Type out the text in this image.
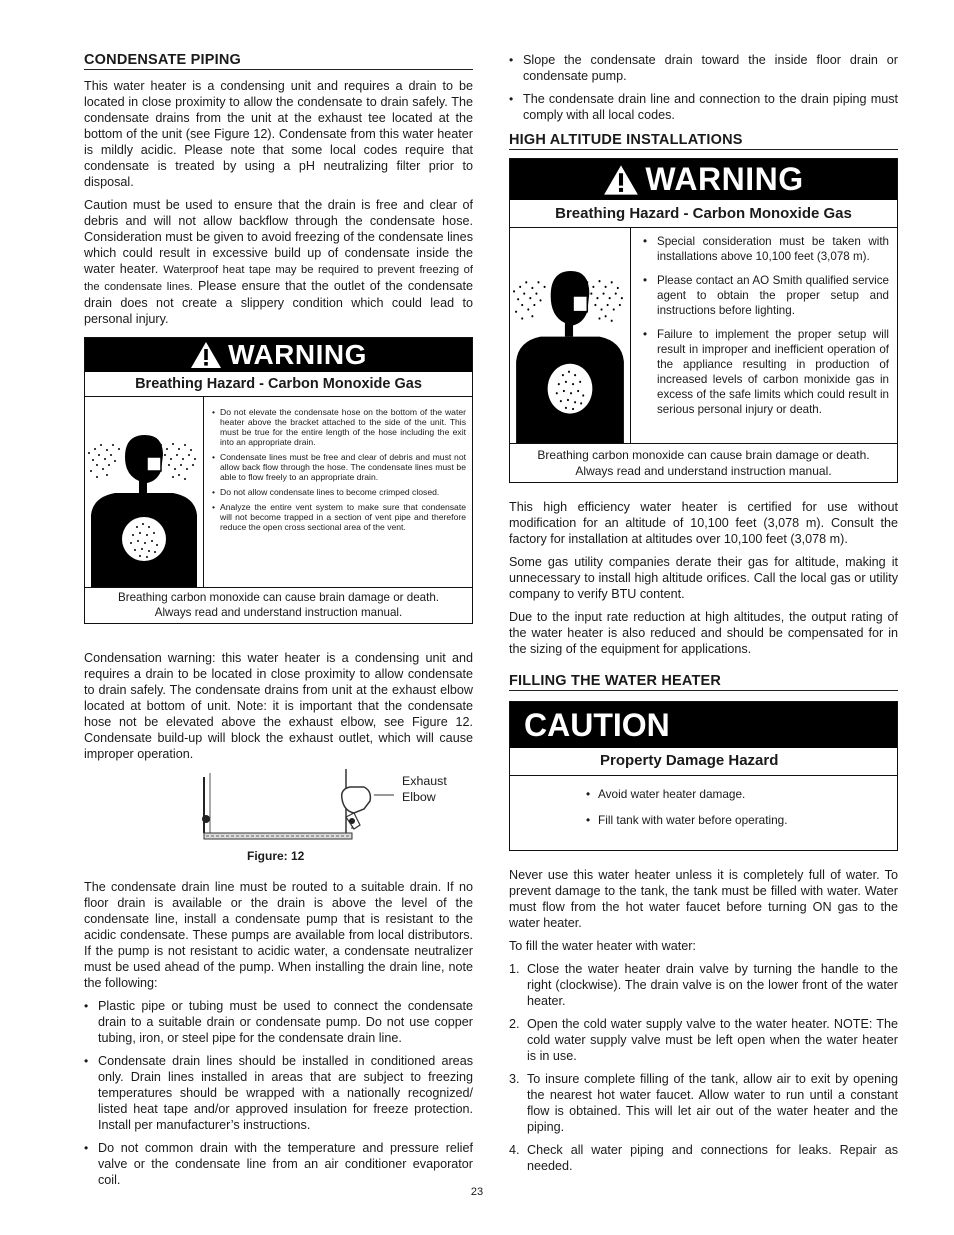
CONDENSATE PIPING

This water heater is a condensing unit and requires a drain to be located in close proximity to allow the condensate to drain safely. The condensate drains from the unit at the exhaust tee located at the bottom of the unit (see Figure 12). Condensate from this water heater is mildly acidic. Please note that some local codes require that condensate is treated by using a pH neutralizing filter prior to disposal.

Caution must be used to ensure that the drain is free and clear of debris and will not allow backflow through the condensate hose. Consideration must be given to avoid freezing of the condensate lines which could result in excessive build up of condensate inside the water heater. Waterproof heat tape may be required to prevent freezing of the condensate lines. Please ensure that the outlet of the condensate drain does not create a slippery condition which could lead to personal injury.

WARNING
Breathing Hazard - Carbon Monoxide Gas
• Do not elevate the condensate hose on the bottom of the water heater above the bracket attached to the side of the unit. This must be true for the entire length of the hose including the exit into an appropriate drain.
• Condensate lines must be free and clear of debris and must not allow back flow through the hose. The condensate lines must be able to flow freely to an appropriate drain.
• Do not allow condensate lines to become crimped closed.
• Analyze the entire vent system to make sure that condensate will not become trapped in a section of vent pipe and therefore reduce the open cross sectional area of the vent.
Breathing carbon monoxide can cause brain damage or death.
Always read and understand instruction manual.

Condensation warning: this water heater is a condensing unit and requires a drain to be located in close proximity to allow condensate to drain safely. The condensate drains from unit at the exhaust elbow located at bottom of unit. Note: it is important that the condensate hose not be elevated above the exhaust elbow, see Figure 12. Condensate build-up will block the exhaust outlet, which will cause improper operation.

Exhaust
Elbow
Figure: 12

The condensate drain line must be routed to a suitable drain. If no floor drain is available or the drain is above the level of the condensate line, install a condensate pump that is resistant to the acidic condensate. These pumps are available from local distributors. If the pump is not resistant to acidic water, a condensate neutralizer must be used ahead of the pump. When installing the drain line, note the following:

• Plastic pipe or tubing must be used to connect the condensate drain to a suitable drain or condensate pump. Do not use copper tubing, iron, or steel pipe for the condensate drain line.
• Condensate drain lines should be installed in conditioned areas only. Drain lines installed in areas that are subject to freezing temperatures should be wrapped with a nationally recognized/ listed heat tape and/or approved insulation for freeze protection. Install per manufacturer’s instructions.
• Do not common drain with the temperature and pressure relief valve or the condensate line from an air conditioner evaporator coil.
• Slope the condensate drain toward the inside floor drain or condensate pump.
• The condensate drain line and connection to the drain piping must comply with all local codes.
HIGH ALTITUDE INSTALLATIONS
WARNING
Breathing Hazard - Carbon Monoxide Gas
• Special consideration must be taken with installations above 10,100 feet (3,078 m).
• Please contact an AO Smith qualified service agent to obtain the proper setup and instructions before lighting.
• Failure to implement the proper setup will result in improper and inefficient operation of the appliance resulting in production of increased levels of carbon monixide gas in excess of the safe limits which could result in serious personal injury or death.
Breathing carbon monoxide can cause brain damage or death.
Always read and understand instruction manual.

This high efficiency water heater is certified for use without modification for an altitude of 10,100 feet (3,078 m). Consult the factory for installation at altitudes over 10,100 feet (3,078 m).

Some gas utility companies derate their gas for altitude, making it unnecessary to install high altitude orifices. Call the local gas or utility company to verify BTU content.

Due to the input rate reduction at high altitudes, the output rating of the water heater is also reduced and should be compensated for in the sizing of the equipment for applications.

FILLING THE WATER HEATER
CAUTION
Property Damage Hazard
• Avoid water heater damage.
• Fill tank with water before operating.

Never use this water heater unless it is completely full of water. To prevent damage to the tank, the tank must be filled with water. Water must flow from the hot water faucet before turning ON gas to the water heater.

To fill the water heater with water:

1. Close the water heater drain valve by turning the handle to the right (clockwise). The drain valve is on the lower front of the water heater.
2. Open the cold water supply valve to the water heater. NOTE: The cold water supply valve must be left open when the water heater is in use.
3. To insure complete filling of the tank, allow air to exit by opening the nearest hot water faucet. Allow water to run until a constant flow is obtained. This will let air out of the water heater and the piping.
4. Check all water piping and connections for leaks. Repair as needed.
23
